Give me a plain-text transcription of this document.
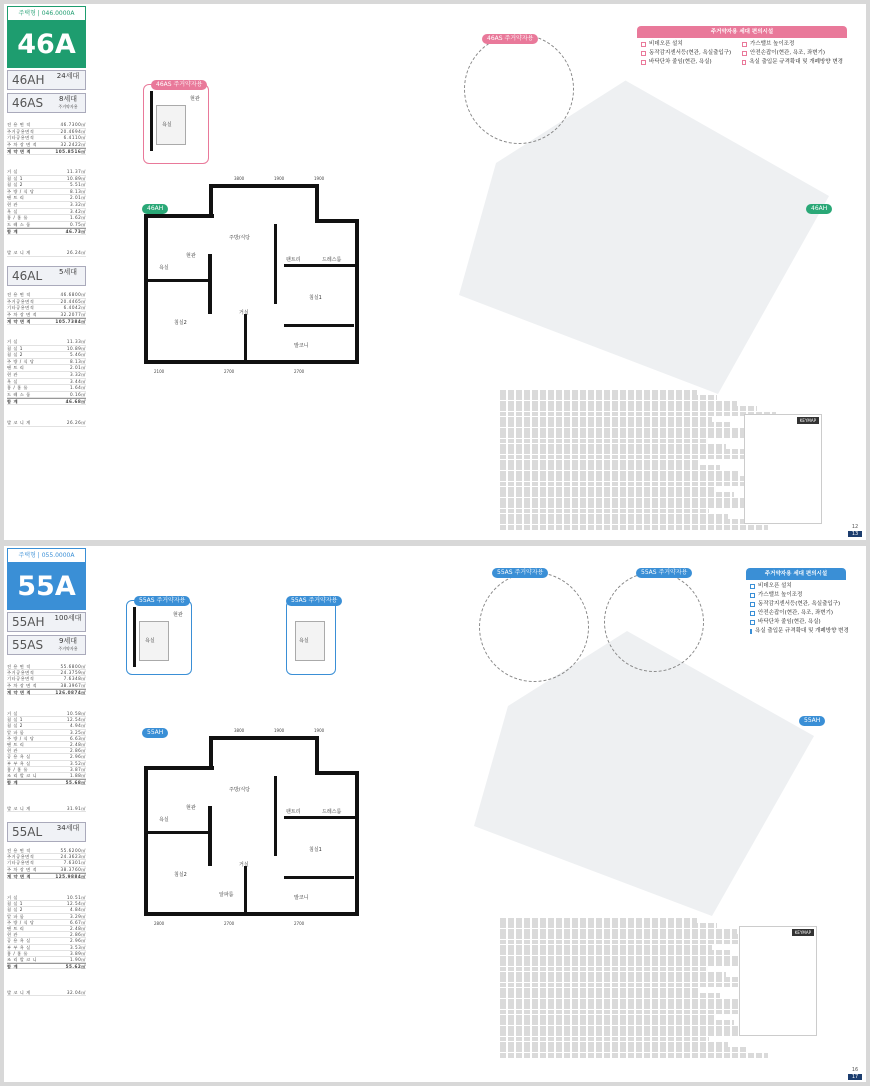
주택형 | 046.0000A
46A
46AH	24세대
46AS	8세대
주거약자용
전 용 면 적	46.7300㎡
주거공용면적	20.4694㎡
기타공용면적	6.4110㎡
주 차 장 면 적	32.2422㎡
계 약 면 적	105.8516㎡
거 실	11.37㎡
침 실 1	10.89㎡
침 실 2	5.51㎡
주 방 / 식 당	8.13㎡
팬 트 리	2.01㎡
현 관	3.32㎡
욕 실	3.42㎡
홈 / 홈 롤	1.62㎡
드 레 스 룸	0.75㎡
합 계	46.73㎡
발 코 니 계	26.24㎡
46AL	5세대
전 용 면 적	46.6800㎡
주거공용면적	20.4465㎡
기타공용면적	6.4042㎡
주 차 장 면 적	32.2077㎡
계 약 면 적	105.7384㎡
거 실	11.33㎡
침 실 1	10.89㎡
침 실 2	5.46㎡
주 방 / 식 당	8.13㎡
팬 트 리	2.01㎡
현 관	3.32㎡
욕 실	3.44㎡
홈 / 홈 롤	1.64㎡
드 레 스 룸	0.16㎡
합 계	46.68㎡
발 코 니 계	26.26㎡
주방/식당
거실
침실1
침실2
팬트리	드레스룸
현관
욕실
발코니
3800	1900	1900
2100	2700	2700
46AH
46AS 주거약자용
현관
욕실
46AS 주거약자용
46AH
주거약자용 세대 편의시설
비데오픈 설치	가스밸브 높이조정
동작감지센서등(현관, 욕실출입구)	안전손잡이(현관, 욕조, 좌변기)
바닥단차 줄임(현관, 욕실)	욕실 출입문 규격확대 및 개폐방향 변경
KEYMAP
12
13
주택형 | 055.0000A
55A
55AH 100세대
55AS	9세대
주거약자용
전 용 면 적	55.6800㎡
주거공용면적	24.3759㎡
기타공용면적	7.6348㎡
주 차 장 면 적	38.3967㎡
계 약 면 적	126.0874㎡
거 실	10.58㎡
침 실 1	12.54㎡
침 실 2	4.94㎡
알 파 룸	3.25㎡
주 방 / 식 당	6.63㎡
팬 트 리	2.48㎡
현 관	2.86㎡
공 용 욕 실	2.96㎡
부 부 욕 실	3.52㎡
홈 / 홈 롤	3.87㎡
조 리 발 코 니	1.88㎡
합 계	55.68㎡
발 코 니 계	31.91㎡
55AL	34세대
전 용 면 적	55.6200㎡
주거공용면적	24.3623㎡
기타공용면적	7.6301㎡
주 차 장 면 적	38.3760㎡
계 약 면 적	125.9884㎡
거 실	10.51㎡
침 실 1	12.54㎡
침 실 2	4.84㎡
알 파 룸	3.29㎡
주 방 / 식 당	6.67㎡
팬 트 리	2.48㎡
현 관	2.86㎡
공 용 욕 실	2.96㎡
부 부 욕 실	3.53㎡
홈 / 홈 롤	3.89㎡
조 리 발 코 니	1.90㎡
합 계	55.62㎡
발 코 니 계	32.04㎡
주방/식당
거실
침실1
침실2
팬트리	드레스룸
현관
욕실
발코니
알파룸
3800	1900	1900
2800	2700	2700
55AH
55AS 주거약자용
현관
욕실
55AS 주거약자용
욕실
55AS 주거약자용	55AS 주거약자용
55AH
주거약자용 세대 편의시설
비데오픈 설치
가스밸브 높이조정
동작감지센서등(현관, 욕실출입구)
안전손잡이(현관, 욕조, 좌변기)
바닥단차 줄임(현관, 욕실)
욕실 출입문 규격확대 및 개폐방향 변경
KEYMAP
16
17
